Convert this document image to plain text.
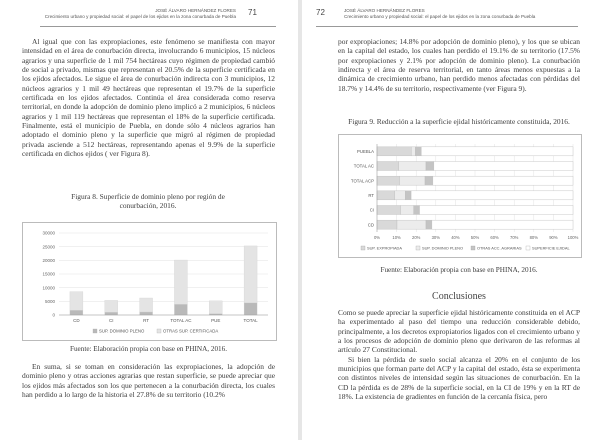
JOSÉ ÁLVARO HERNÁNDEZ FLORES
Crecimiento urbano y propiedad social: el papel de los ejidos en la zona conurbada de Puebla 71

Al igual que con las expropiaciones, este fenómeno se manifiesta con mayor intensidad en el área de conurbación directa, involucrando 6 municipios, 15 núcleos agrarios y una superficie de 1 mil 754 hectáreas cuyo régimen de propiedad cambió de social a privado, mismas que representan el 20.5% de la superficie certificada en los ejidos afectados. Le sigue el área de conurbación indirecta con 3 municipios, 12 núcleos agrarios y 1 mil 49 hectáreas que representan el 19.7% de la superficie certificada en los ejidos afectados. Continúa el área considerada como reserva territorial, en donde la adopción de dominio pleno implicó a 2 municipios, 6 núcleos agrarios y 1 mil 119 hectáreas que representan el 18% de la superficie certificada. Finalmente, está el municipio de Puebla, en donde sólo 4 núcleos agrarios han adoptado el dominio pleno y la superficie que migró al régimen de propiedad privada asciende a 512 hectáreas, representando apenas el 9.9% de la superficie certificada en dichos ejidos ( ver Figura 8).

Figura 8. Superficie de dominio pleno por región de conurbación, 2016.
0
5000
10000
15000
20000
25000
30000
CD	CI	RT	TOTAL AC	PUE	TOTAL
SUP. DOMINIO PLENO	OTRAS SUP. CERTIFICADA
Fuente: Elaboración propia con base en PHINA, 2016.

En suma, si se toman en consideración las expropiaciones, la adopción de dominio pleno y otras acciones agrarias que restan superficie, se puede apreciar que los ejidos más afectados son los que pertenecen a la conurbación directa, los cuales han perdido a lo largo de la historia el 27.8% de su territorio (10.2%

72	JOSÉ ÁLVARO HERNÁNDEZ FLORES
Crecimiento urbano y propiedad social: el papel de los ejidos en la zona conurbada de Puebla

por expropiaciones; 14.8% por adopción de dominio pleno), y los que se ubican en la capital del estado, los cuales han perdido el 19.1% de su territorio (17.5% por expropiaciones y 2.1% por adopción de dominio pleno). La conurbación indirecta y el área de reserva territorial, en tanto áreas menos expuestas a la dinámica de crecimiento urbano, han perdido menos afectadas con pérdidas del 18.7% y 14.4% de su territorio, respectivamente (ver Figura 9).

Figura 9. Reducción a la superficie ejidal históricamente constituida, 2016.
0%	10%	20%	30%	40%	50%	60%	70%	80%	90% 100%
PUEBLA
TOTAL AC
TOTAL ACP
RT
CI
CD
SUP. EXPROPIADA	SUP. DOMINIO PLENO	OTRAS ACC. AGRARIAS	SUPERFICIE EJIDAL
Fuente: Elaboración propia con base en PHINA, 2016.
Conclusiones

Como se puede apreciar la superficie ejidal históricamente constituida en el ACP ha experimentado al paso del tiempo una reducción considerable debido, principalmente, a los decretos expropiatorios ligados con el crecimiento urbano y a los procesos de adopción de dominio pleno que derivaron de las reformas al artículo 27 Constitucional.

Si bien la pérdida de suelo social alcanza el 20% en el conjunto de los municipios que forman parte del ACP y la capital del estado, ésta se experimenta con distintos niveles de intensidad según las situaciones de conurbación. En la CD la pérdida es de 28% de la superficie social, en la CI de 19% y en la RT de 18%. La existencia de gradientes en función de la cercanía física, pero
